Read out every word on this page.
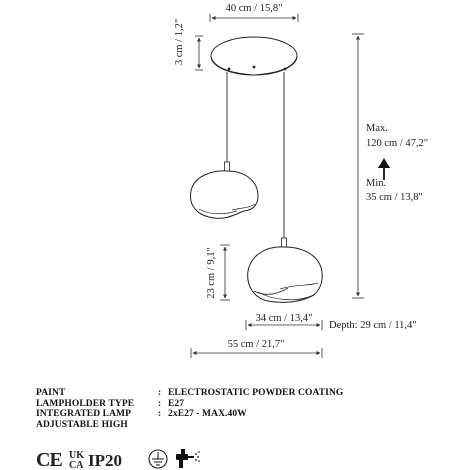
40 cm / 15,8"
3 cm / 1,2"
Max.
120 cm / 47,2"
Min.
35 cm / 13,8"
23 cm / 9,1"
34 cm / 13,4"
Depth: 29 cm / 11,4"
55 cm / 21,7"
PAINT	: ELECTROSTATIC POWDER COATING
LAMPHOLDER TYPE	: E27
INTEGRATED LAMP	: 2xE27 - MAX.40W
ADJUSTABLE HIGH
CE UK
CA IP20
